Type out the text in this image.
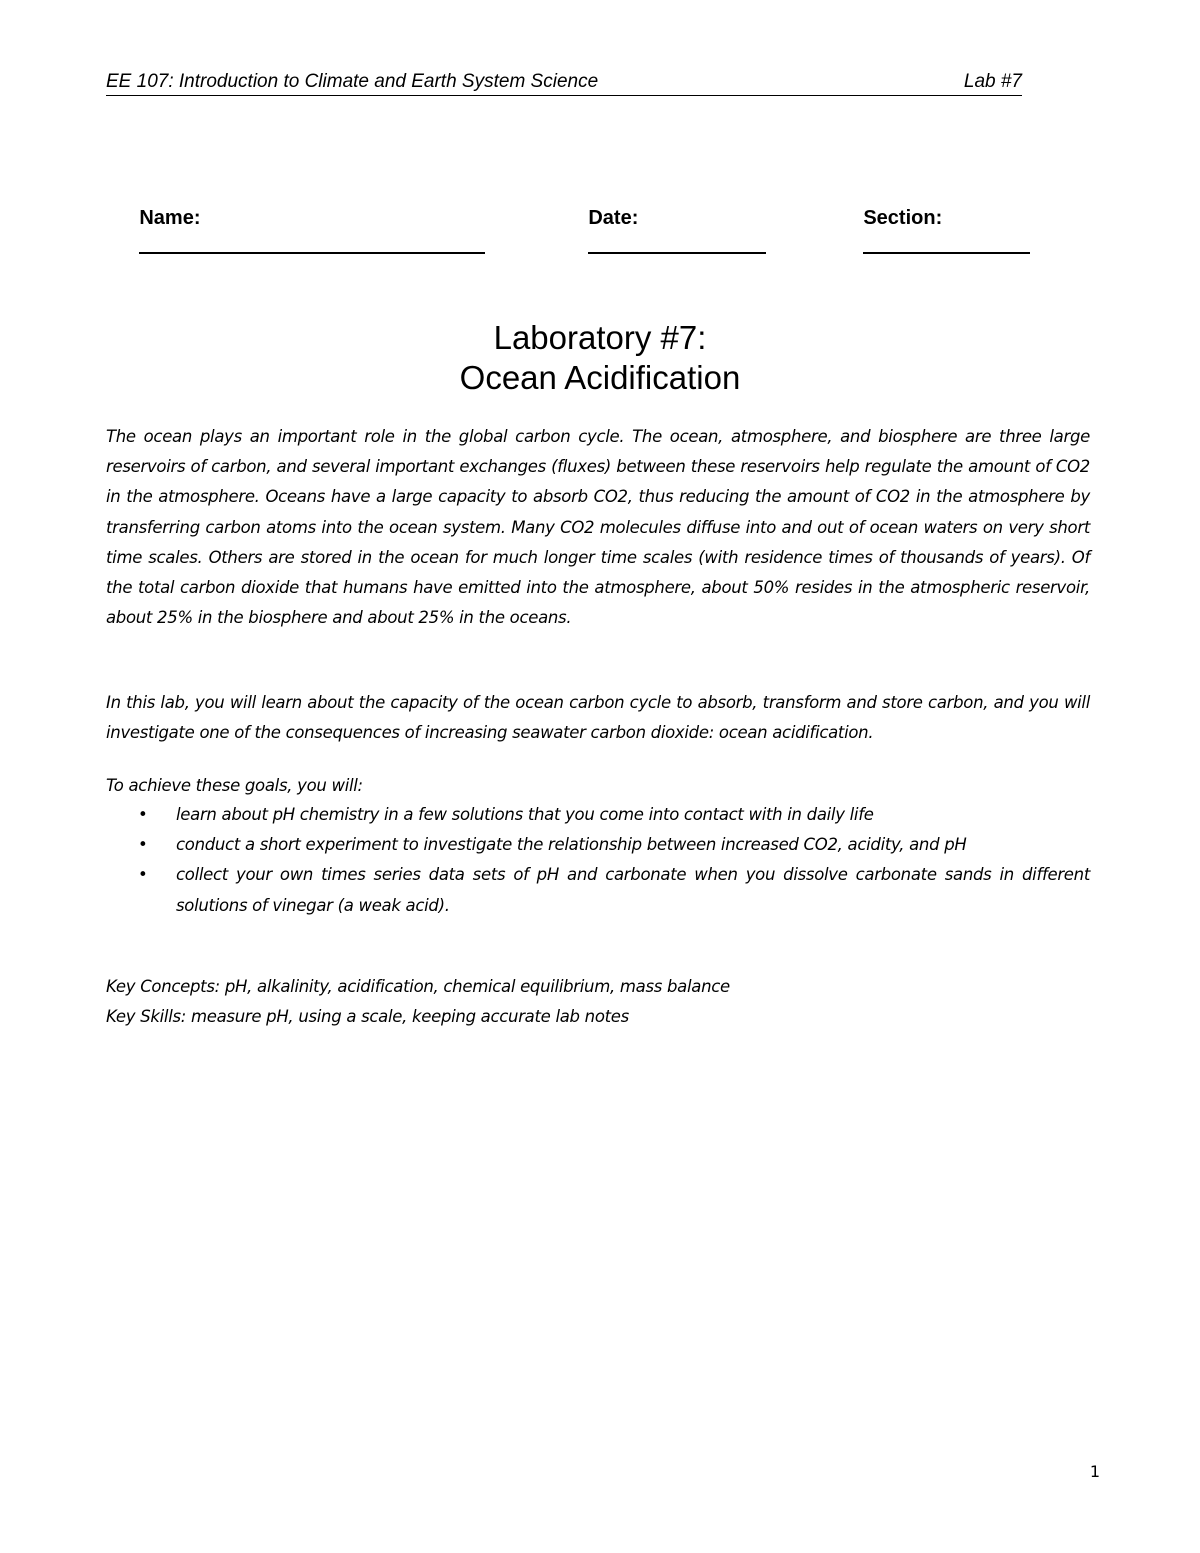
EE 107: Introduction to Climate and Earth System Science	Lab #7

Name:

	Date:

	Section:

Laboratory #7:
Ocean Acidification

The ocean plays an important role in the global carbon cycle. The ocean, atmosphere, and biosphere are three large reservoirs of carbon, and several important exchanges (fluxes) between these reservoirs help regulate the amount of CO2 in the atmosphere. Oceans have a large capacity to absorb CO2, thus reducing the amount of CO2 in the atmosphere by transferring carbon atoms into the ocean system. Many CO2 molecules diffuse into and out of ocean waters on very short time scales. Others are stored in the ocean for much longer time scales (with residence times of thousands of years). Of the total carbon dioxide that humans have emitted into the atmosphere, about 50% resides in the atmospheric reservoir, about 25% in the biosphere and about 25% in the oceans.

In this lab, you will learn about the capacity of the ocean carbon cycle to absorb, transform and store carbon, and you will investigate one of the consequences of increasing seawater carbon dioxide: ocean acidification.

To achieve these goals, you will:

• learn about pH chemistry in a few solutions that you come into contact with in daily life
• conduct a short experiment to investigate the relationship between increased CO2, acidity, and pH
• collect your own times series data sets of pH and carbonate when you dissolve carbonate sands in different solutions of vinegar (a weak acid).
Key Concepts: pH, alkalinity, acidification, chemical equilibrium, mass balance
Key Skills: measure pH, using a scale, keeping accurate lab notes
1
